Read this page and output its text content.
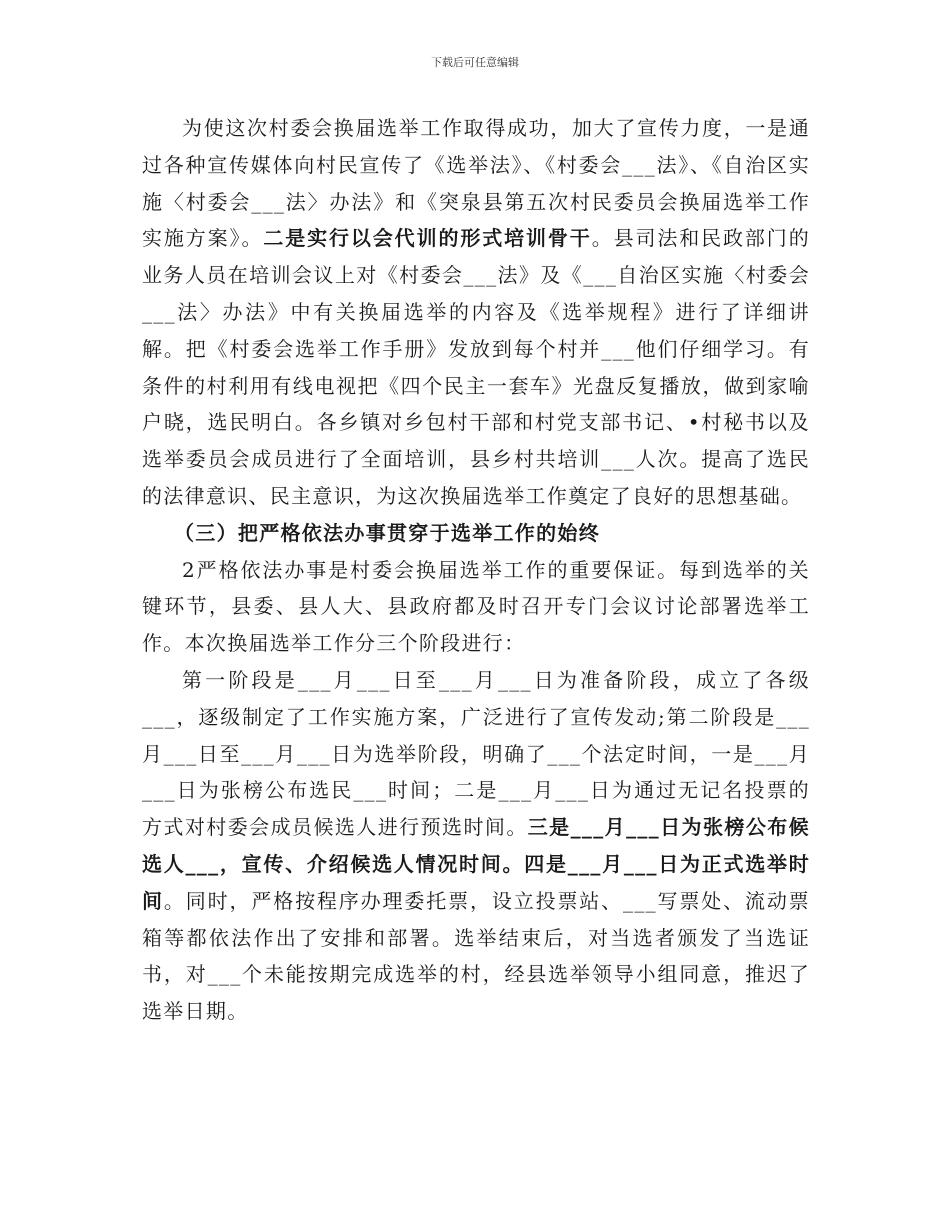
下载后可任意编辑

为使这次村委会换届选举工作取得成功，加大了宣传力度，一是通过各种宣传媒体向村民宣传了《选举法》、《村委会___法》、《自治区实施〈村委会___法〉办法》和《突泉县第五次村民委员会换届选举工作实施方案》。二是实行以会代训的形式培训骨干。县司法和民政部门的业务人员在培训会议上对《村委会___法》及《___自治区实施〈村委会___法〉办法》中有关换届选举的内容及《选举规程》进行了详细讲解。把《村委会选举工作手册》发放到每个村并___他们仔细学习。有条件的村利用有线电视把《四个民主一套车》光盘反复播放，做到家喻户晓，选民明白。各乡镇对乡包村干部和村党支部书记、•村秘书以及选举委员会成员进行了全面培训，县乡村共培训___人次。提高了选民的法律意识、民主意识，为这次换届选举工作奠定了良好的思想基础。

（三）把严格依法办事贯穿于选举工作的始终

2严格依法办事是村委会换届选举工作的重要保证。每到选举的关键环节，县委、县人大、县政府都及时召开专门会议讨论部署选举工作。本次换届选举工作分三个阶段进行：

第一阶段是___月___日至___月___日为准备阶段，成立了各级___，逐级制定了工作实施方案，广泛进行了宣传发动;第二阶段是___月___日至___月___日为选举阶段，明确了___个法定时间，一是___月___日为张榜公布选民___时间；二是___月___日为通过无记名投票的方式对村委会成员候选人进行预选时间。三是___月___日为张榜公布候选人___，宣传、介绍候选人情况时间。四是___月___日为正式选举时间。同时，严格按程序办理委托票，设立投票站、___写票处、流动票箱等都依法作出了安排和部署。选举结束后，对当选者颁发了当选证书，对___个未能按期完成选举的村，经县选举领导小组同意，推迟了选举日期。
